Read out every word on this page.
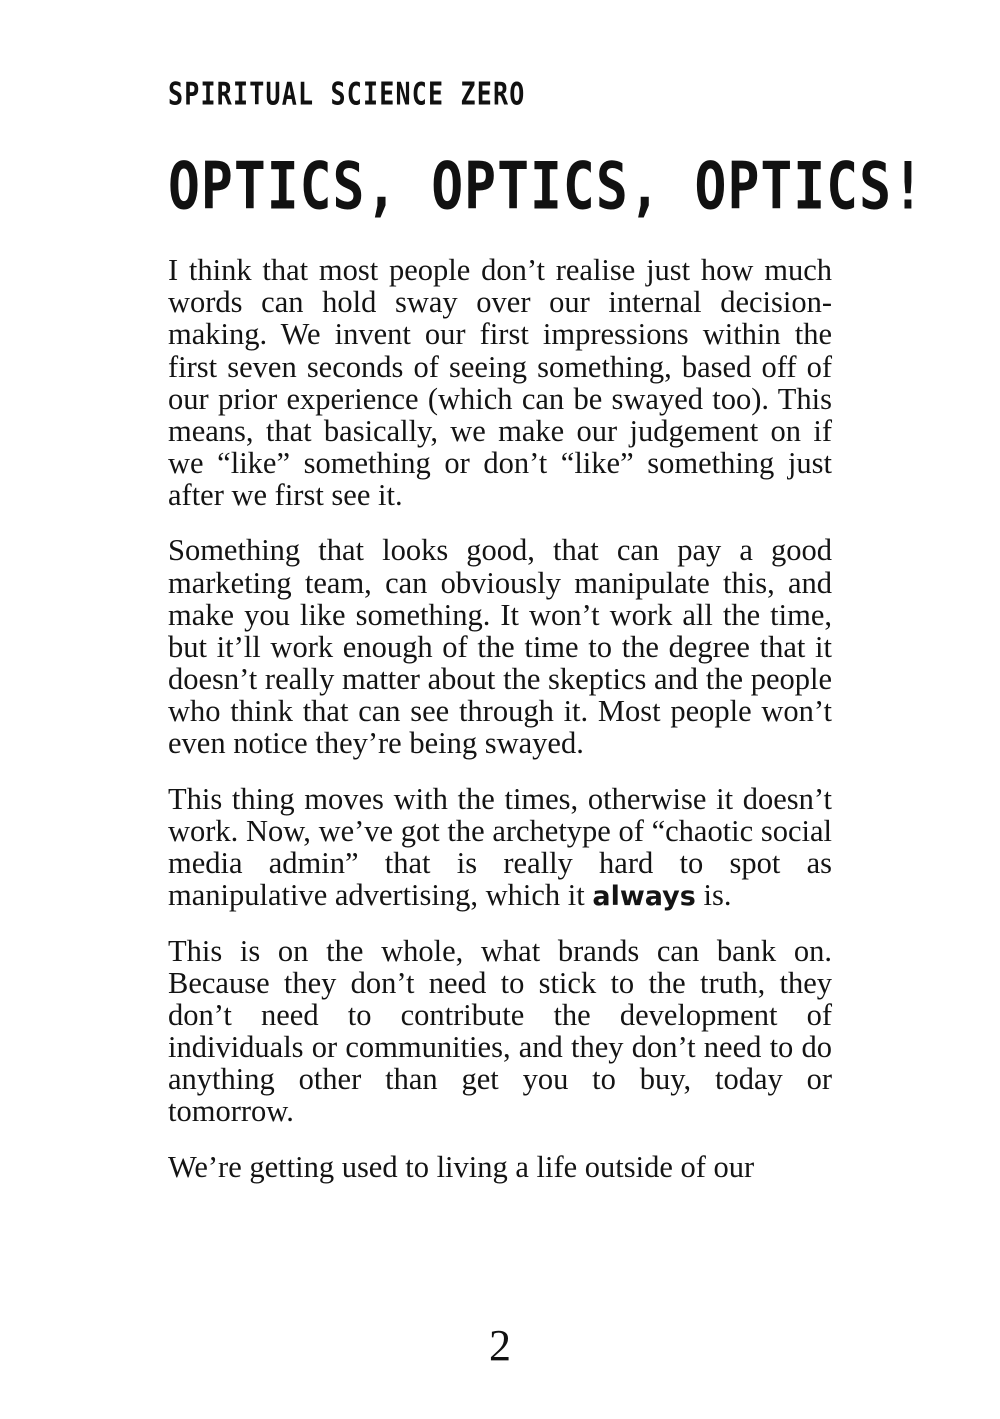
SPIRITUAL SCIENCE ZERO
OPTICS, OPTICS, OPTICS!

I think that most people don’t realise just how much words can hold sway over our internal decision-making. We invent our first impressions within the first seven seconds of seeing something, based off of our prior experience (which can be swayed too). This means, that basically, we make our judgement on if we “like” something or don’t “like” something just after we first see it.

Something that looks good, that can pay a good marketing team, can obviously manipulate this, and make you like something. It won’t work all the time, but it’ll work enough of the time to the degree that it doesn’t really matter about the skeptics and the people who think that can see through it. Most people won’t even notice they’re being swayed.

This thing moves with the times, otherwise it doesn’t work. Now, we’ve got the archetype of “chaotic social media admin” that is really hard to spot as manipulative advertising, which it always is.

This is on the whole, what brands can bank on. Because they don’t need to stick to the truth, they don’t need to contribute the development of individuals or communities, and they don’t need to do anything other than get you to buy, today or tomorrow.

We’re getting used to living a life outside of our

2
